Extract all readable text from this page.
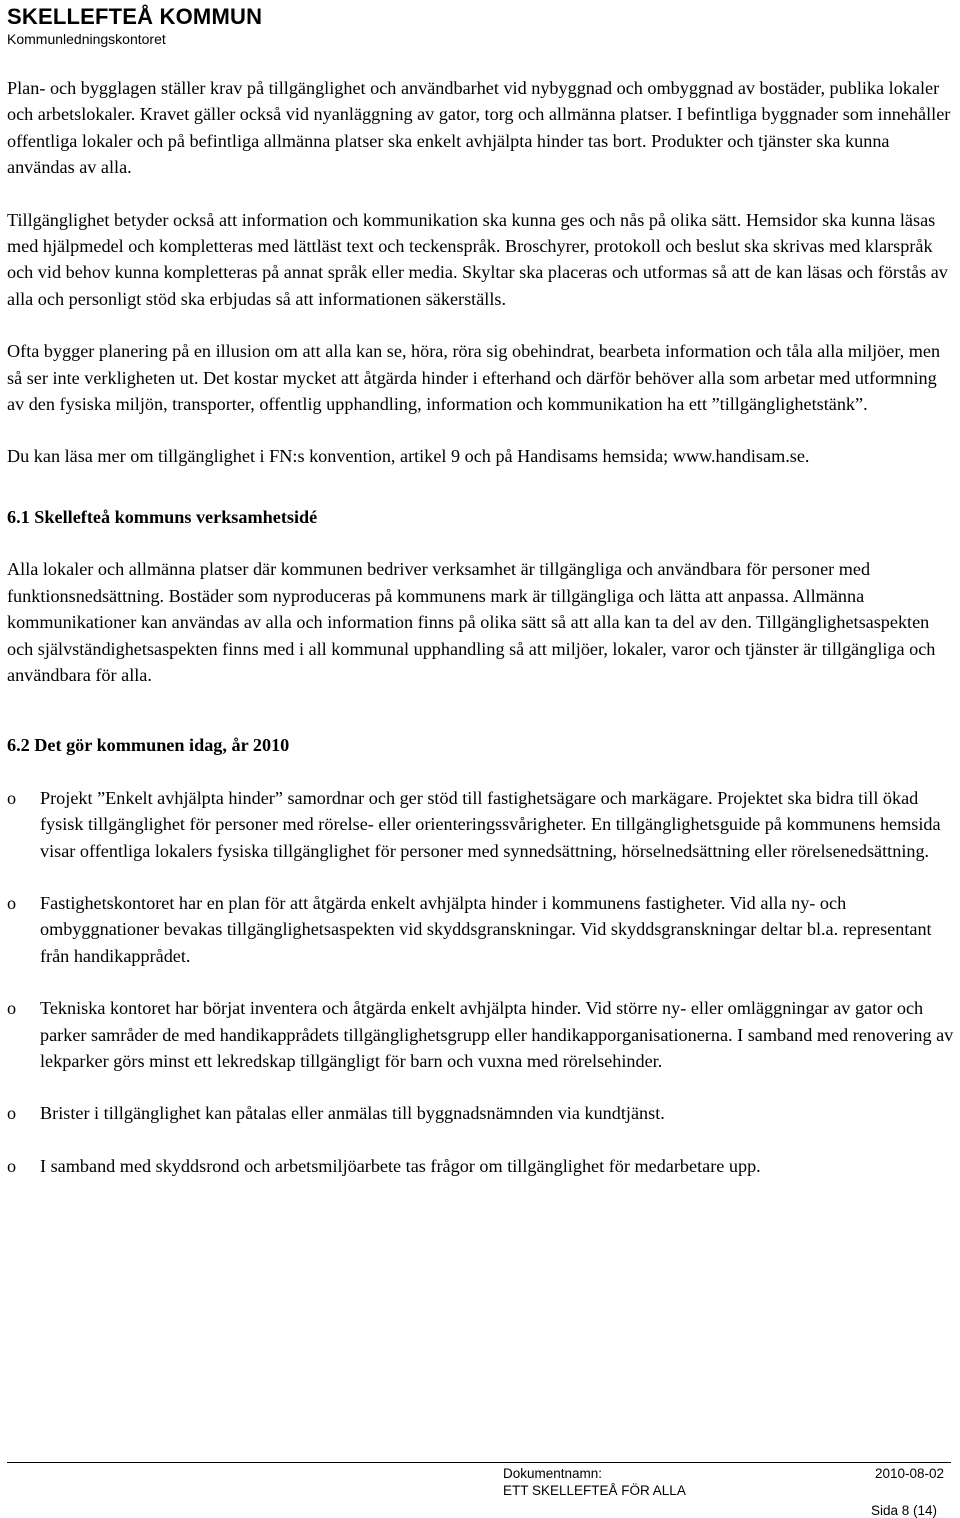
SKELLEFTEÅ KOMMUN
Kommunledningskontoret

Plan- och bygglagen ställer krav på tillgänglighet och användbarhet vid nybyggnad och ombyggnad av bostäder, publika lokaler och arbetslokaler. Kravet gäller också vid nyanläggning av gator, torg och allmänna platser. I befintliga byggnader som innehåller offentliga lokaler och på befintliga allmänna platser ska enkelt avhjälpta hinder tas bort. Produkter och tjänster ska kunna användas av alla.

Tillgänglighet betyder också att information och kommunikation ska kunna ges och nås på olika sätt. Hemsidor ska kunna läsas med hjälpmedel och kompletteras med lättläst text och teckenspråk. Broschyrer, protokoll och beslut ska skrivas med klarspråk och vid behov kunna kompletteras på annat språk eller media. Skyltar ska placeras och utformas så att de kan läsas och förstås av alla och personligt stöd ska erbjudas så att informationen säkerställs.

Ofta bygger planering på en illusion om att alla kan se, höra, röra sig obehindrat, bearbeta information och tåla alla miljöer, men så ser inte verkligheten ut. Det kostar mycket att åtgärda hinder i efterhand och därför behöver alla som arbetar med utformning av den fysiska miljön, transporter, offentlig upphandling, information och kommunikation ha ett ”tillgänglighetstänk”.

Du kan läsa mer om tillgänglighet i FN:s konvention, artikel 9 och på Handisams hemsida; www.handisam.se.

6.1 Skellefteå kommuns verksamhetsidé

Alla lokaler och allmänna platser där kommunen bedriver verksamhet är tillgängliga och användbara för personer med funktionsnedsättning. Bostäder som nyproduceras på kommunens mark är tillgängliga och lätta att anpassa. Allmänna kommunikationer kan användas av alla och information finns på olika sätt så att alla kan ta del av den. Tillgänglighetsaspekten och självständighetsaspekten finns med i all kommunal upphandling så att miljöer, lokaler, varor och tjänster är tillgängliga och användbara för alla.

6.2 Det gör kommunen idag, år 2010
o	Projekt ”Enkelt avhjälpta hinder” samordnar och ger stöd till fastighetsägare och markägare. Projektet ska bidra till ökad fysisk tillgänglighet för personer med rörelse- eller orienteringssvårigheter. En tillgänglighetsguide på kommunens hemsida visar offentliga lokalers fysiska tillgänglighet för personer med synnedsättning, hörselnedsättning eller rörelsenedsättning.
o	Fastighetskontoret har en plan för att åtgärda enkelt avhjälpta hinder i kommunens fastigheter. Vid alla ny- och ombyggnationer bevakas tillgänglighetsaspekten vid skyddsgranskningar. Vid skyddsgranskningar deltar bl.a. representant från handikapprådet.
o	Tekniska kontoret har börjat inventera och åtgärda enkelt avhjälpta hinder. Vid större ny- eller omläggningar av gator och parker samråder de med handikapprådets tillgänglighetsgrupp eller handikapporganisationerna. I samband med renovering av lekparker görs minst ett lekredskap tillgängligt för barn och vuxna med rörelsehinder.
o	Brister i tillgänglighet kan påtalas eller anmälas till byggnadsnämnden via kundtjänst.
o	I samband med skyddsrond och arbetsmiljöarbete tas frågor om tillgänglighet för medarbetare upp.
Dokumentnamn:	2010-08-02
ETT SKELLEFTEÅ FÖR ALLA
Sida 8 (14)
